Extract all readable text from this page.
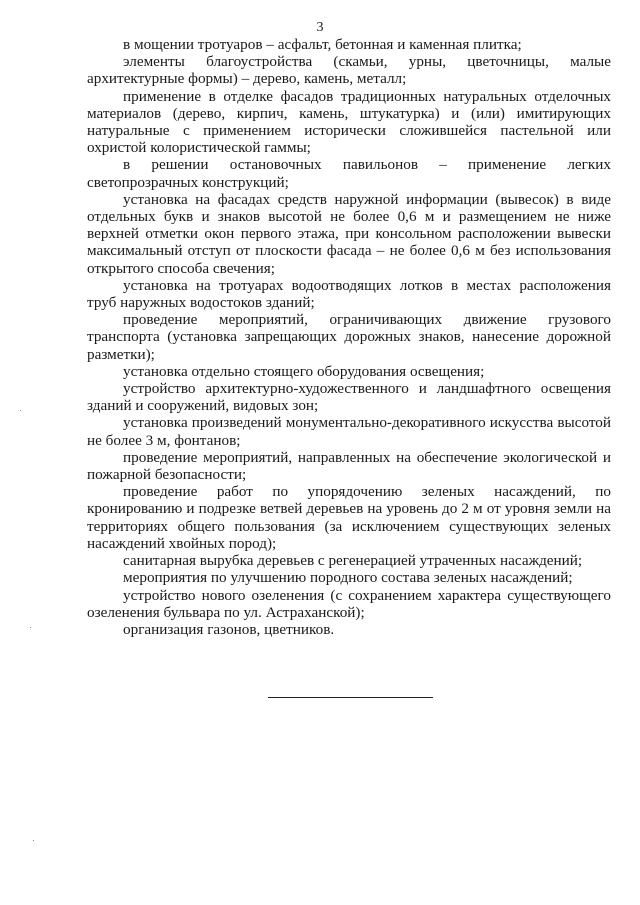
3

в мощении тротуаров – асфальт, бетонная и каменная плитка;

элементы благоустройства (скамьи, урны, цветочницы, малые архитектурные формы) – дерево, камень, металл;

применение в отделке фасадов традиционных натуральных отделочных материалов (дерево, кирпич, камень, штукатурка) и (или) имитирующих натуральные с применением исторически сложившейся пастельной или охристой колористической гаммы;

в решении остановочных павильонов – применение легких светопрозрачных конструкций;

установка на фасадах средств наружной информации (вывесок) в виде отдельных букв и знаков высотой не более 0,6 м и размещением не ниже верхней отметки окон первого этажа, при консольном расположении вывески максимальный отступ от плоскости фасада – не более 0,6 м без использования открытого способа свечения;

установка на тротуарах водоотводящих лотков в местах расположения труб наружных водостоков зданий;

проведение мероприятий, ограничивающих движение грузового транспорта (установка запрещающих дорожных знаков, нанесение дорожной разметки);

установка отдельно стоящего оборудования освещения;

устройство архитектурно-художественного и ландшафтного освещения зданий и сооружений, видовых зон;

установка произведений монументально-декоративного искусства высотой не более 3 м, фонтанов;

проведение мероприятий, направленных на обеспечение экологической и пожарной безопасности;

проведение работ по упорядочению зеленых насаждений, по кронированию и подрезке ветвей деревьев на уровень до 2 м от уровня земли на территориях общего пользования (за исключением существующих зеленых насаждений хвойных пород);

санитарная вырубка деревьев с регенерацией утраченных насаждений;

мероприятия по улучшению породного состава зеленых насаждений;

устройство нового озеленения (с сохранением характера существующего озеленения бульвара по ул. Астраханской);

организация газонов, цветников.
